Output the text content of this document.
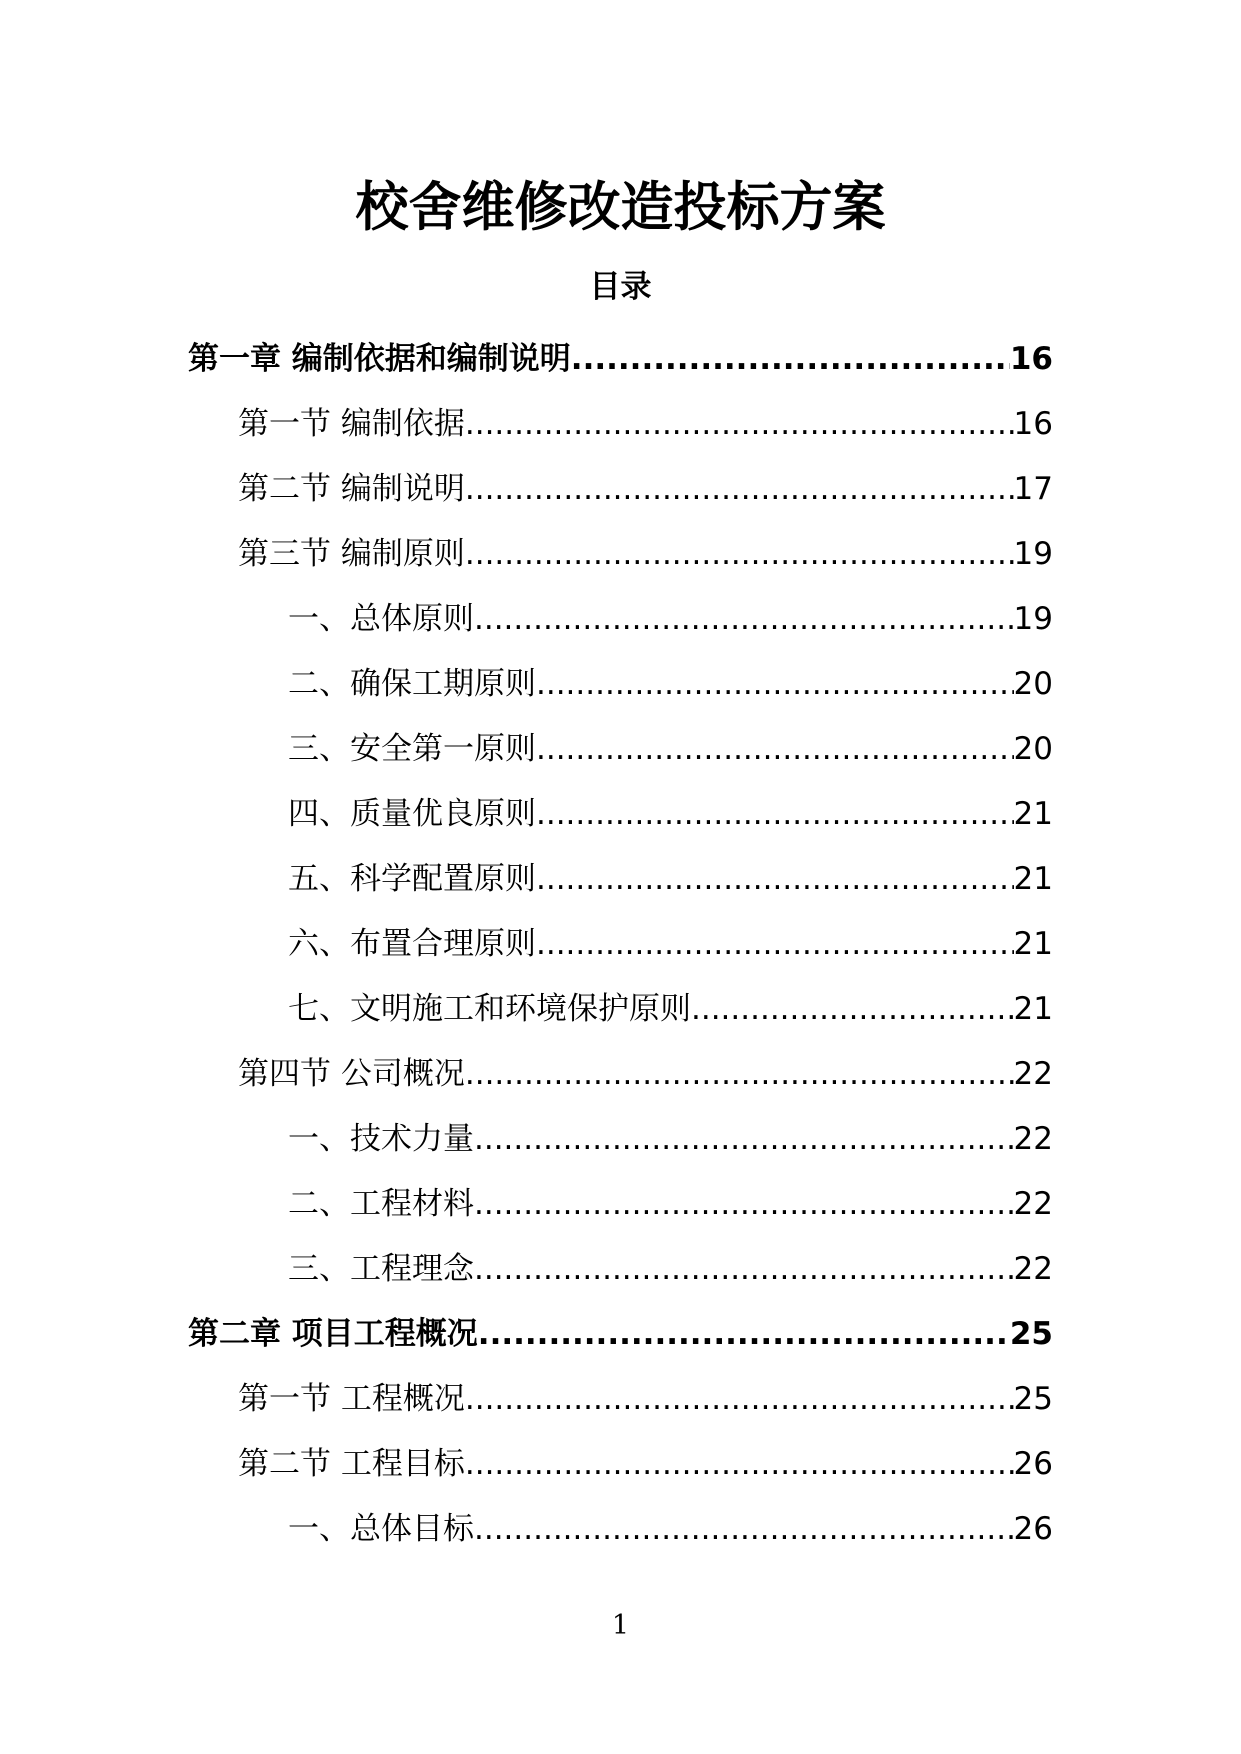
校舍维修改造投标方案
目录
第一章 编制依据和编制说明 .....	16
第一节 编制依据 .....	16
第二节 编制说明 .....	17
第三节 编制原则 .....	19
一、总体原则 .....	19
二、确保工期原则 .....	20
三、安全第一原则 .....	20
四、质量优良原则 .....	21
五、科学配置原则 .....	21
六、布置合理原则 .....	21
七、文明施工和环境保护原则 .....	21
第四节 公司概况 .....	22
一、技术力量 .....	22
二、工程材料 .....	22
三、工程理念 .....	22
第二章 项目工程概况 .....	25
第一节 工程概况 .....	25
第二节 工程目标 .....	26
一、总体目标 .....	26
1
